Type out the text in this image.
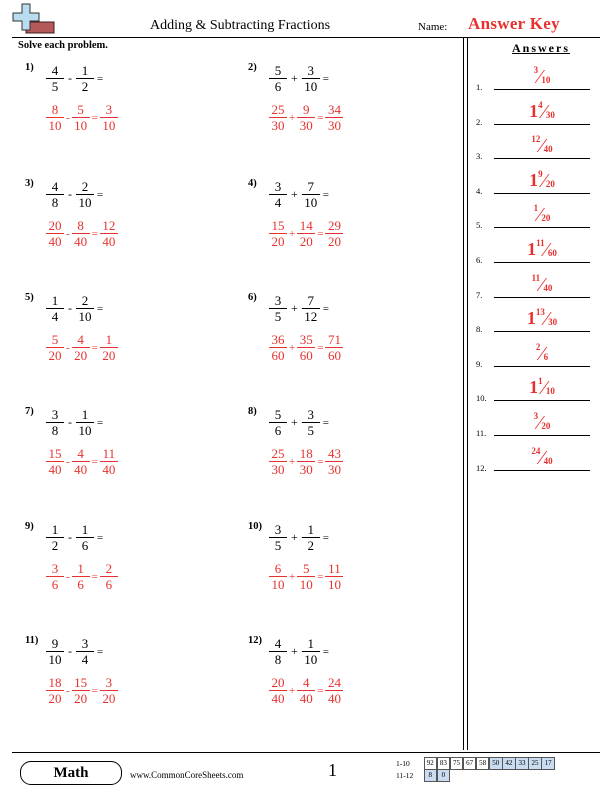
Adding & Subtracting Fractions	Name: Answer Key
Solve each problem.
$1) \frac{4}{5} - \frac{1}{2}$ =
$\frac{8}{10} - \frac{5}{10} = \frac{3}{10}$
$2) \frac{5}{6} + \frac{3}{10}$ =
$\frac{25}{30} + \frac{9}{30} = \frac{34}{30}$
$3) \frac{4}{8} - \frac{2}{10}$ =
$\frac{20}{40} - \frac{8}{40} = \frac{12}{40}$
$4) \frac{3}{4} + \frac{7}{10}$ =
$\frac{15}{20} + \frac{14}{20} = \frac{29}{20}$
$5) \frac{1}{4} - \frac{2}{10}$ =
$\frac{5}{20} - \frac{4}{20} = \frac{1}{20}$
$6) \frac{3}{5} + \frac{7}{12}$ =
$\frac{36}{60} + \frac{35}{60} = \frac{71}{60}$
$7) \frac{3}{8} - \frac{1}{10}$ =
$\frac{15}{40} - \frac{4}{40} = \frac{11}{40}$
$8) \frac{5}{6} + \frac{3}{5}$ =
$\frac{25}{30} + \frac{18}{30} = \frac{43}{30}$
$9) \frac{1}{2} - \frac{1}{6}$ =
$\frac{3}{6} - \frac{1}{6} = \frac{2}{6}$
$10) \frac{3}{5} + \frac{1}{2}$ =
$\frac{6}{10} + \frac{5}{10} = \frac{11}{10}$
$11) \frac{9}{10} - \frac{3}{4}$ =
$\frac{18}{20} - \frac{15}{20} = \frac{3}{20}$
$12) \frac{4}{8} + \frac{1}{10}$ =
$\frac{20}{40} + \frac{4}{40} = \frac{24}{40}$
Answers
1.
$^3$⁄10
2.
$1^4⁄30$
3.
$^{12}$⁄40
4.
$1^9⁄20$
5.
$^1$⁄20
6.
$1^{11}⁄60$
7.
$^{11}$⁄40
8.
$1^{13}⁄30$
9.
$^2$⁄6
10.
$1^1⁄10$
11.
$^3$⁄20
12.
$^{24}$⁄40
Math	www.CommonCoreSheets.com	1	1-10	92 83 75 67 58 50 42 33 25 17
11-12	8	0
